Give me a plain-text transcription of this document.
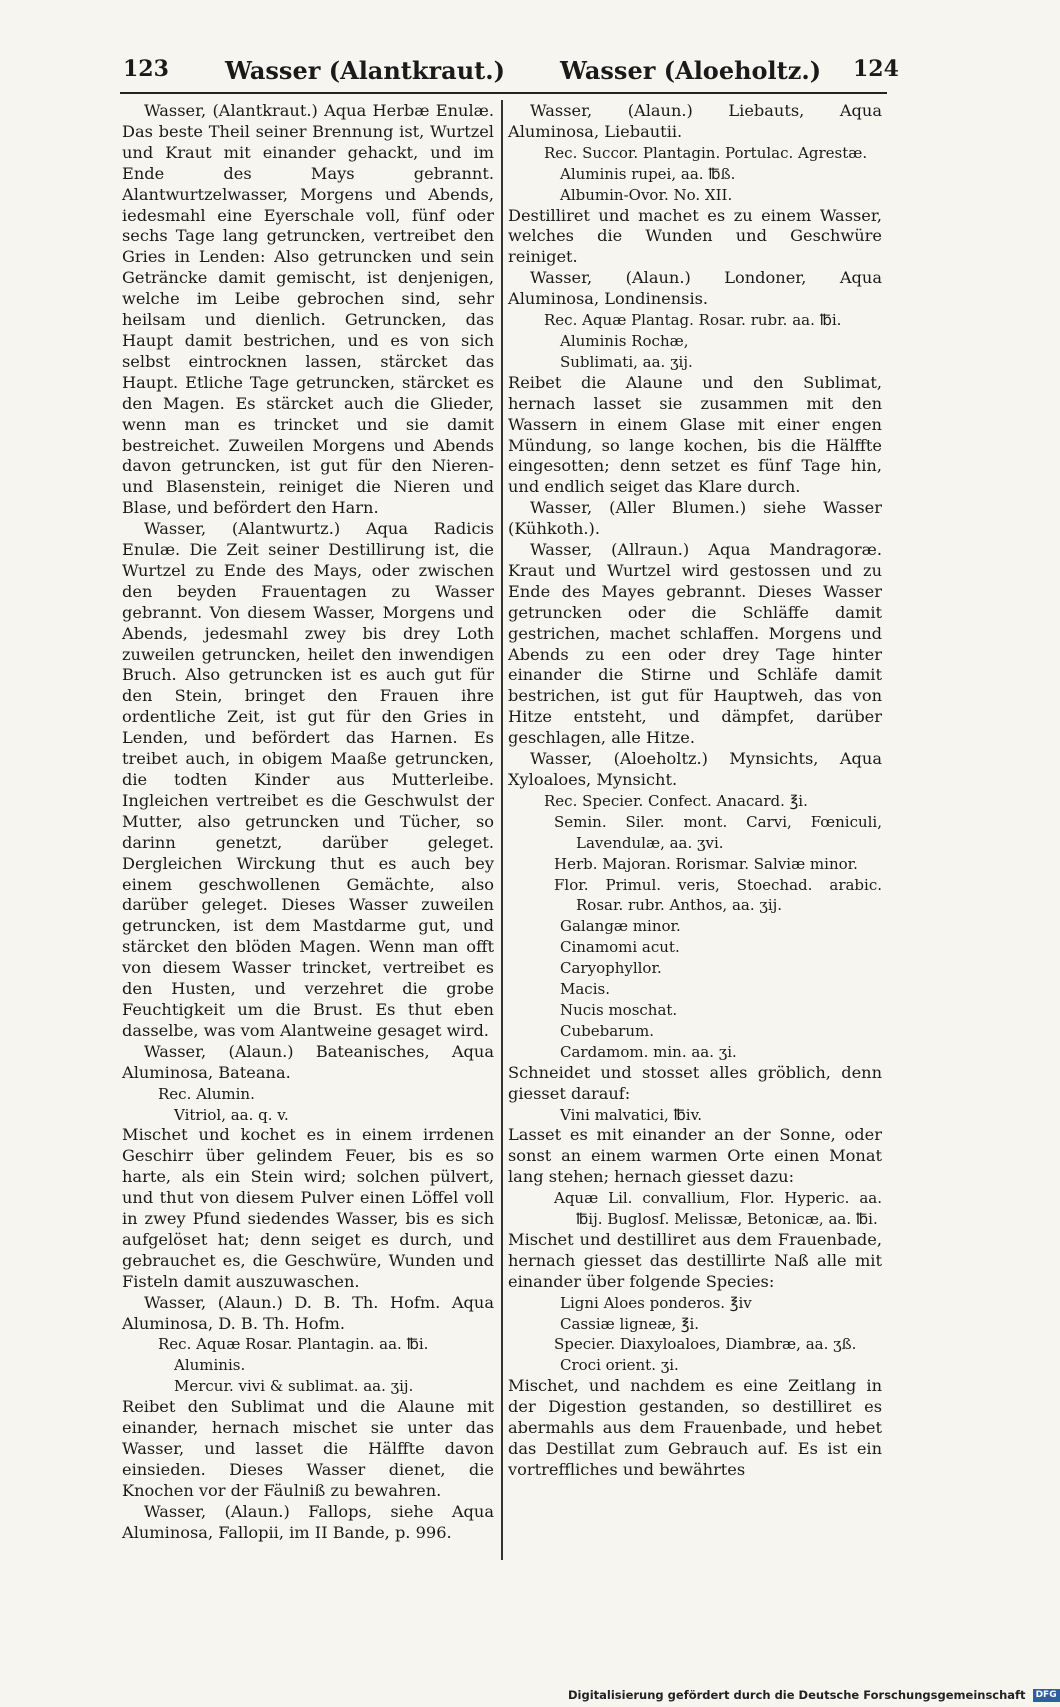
123 Wasser (Alantkraut.) Wasser (Aloeholtz.) 124

Wasser, (Alantkraut.) Aqua Herbæ Enulæ. Das beste Theil seiner Brennung ist, Wurtzel und Kraut mit einander gehackt, und im Ende des Mays gebrannt. Alantwurtzelwasser, Morgens und Abends, iedesmahl eine Eyerschale voll, fünf oder sechs Tage lang getruncken, vertreibet den Gries in Lenden: Also getruncken und sein Geträncke damit gemischt, ist denjenigen, welche im Leibe gebrochen sind, sehr heilsam und dienlich. Getruncken, das Haupt damit bestrichen, und es von sich selbst eintrocknen lassen, stärcket das Haupt. Etliche Tage getruncken, stärcket es den Magen. Es stärcket auch die Glieder, wenn man es trincket und sie damit bestreichet. Zuweilen Morgens und Abends davon getruncken, ist gut für den Nieren- und Blasenstein, reiniget die Nieren und Blase, und befördert den Harn.

Wasser, (Alantwurtz.) Aqua Radicis Enulæ. Die Zeit seiner Destillirung ist, die Wurtzel zu Ende des Mays, oder zwischen den beyden Frauentagen zu Wasser gebrannt. Von diesem Wasser, Morgens und Abends, jedesmahl zwey bis drey Loth zuweilen getruncken, heilet den inwendigen Bruch. Also getruncken ist es auch gut für den Stein, bringet den Frauen ihre ordentliche Zeit, ist gut für den Gries in Lenden, und befördert das Harnen. Es treibet auch, in obigem Maaße getruncken, die todten Kinder aus Mutterleibe. Ingleichen vertreibet es die Geschwulst der Mutter, also getruncken und Tücher, so darinn genetzt, darüber geleget. Dergleichen Wirckung thut es auch bey einem geschwollenen Gemächte, also darüber geleget. Dieses Wasser zuweilen getruncken, ist dem Mastdarme gut, und stärcket den blöden Magen. Wenn man offt von diesem Wasser trincket, vertreibet es den Husten, und verzehret die grobe Feuchtigkeit um die Brust. Es thut eben dasselbe, was vom Alantweine gesaget wird.

Wasser, (Alaun.) Bateanisches, Aqua Aluminosa, Bateana.

Rec. Alumin.

Vitriol, aa. q. v.

Mischet und kochet es in einem irrdenen Geschirr über gelindem Feuer, bis es so harte, als ein Stein wird; solchen pülvert, und thut von diesem Pulver einen Löffel voll in zwey Pfund siedendes Wasser, bis es sich aufgelöset hat; denn seiget es durch, und gebrauchet es, die Geschwüre, Wunden und Fisteln damit auszuwaschen.

Wasser, (Alaun.) D. B. Th. Hofm. Aqua Aluminosa, D. B. Th. Hofm.

Rec. Aquæ Rosar. Plantagin. aa. ℔i.

Aluminis.

Mercur. vivi & sublimat. aa. ʒij.

Reibet den Sublimat und die Alaune mit einander, hernach mischet sie unter das Wasser, und lasset die Hälffte davon einsieden. Dieses Wasser dienet, die Knochen vor der Fäulniß zu bewahren.

Wasser, (Alaun.) Fallops, siehe Aqua Aluminosa, Fallopii, im II Bande, p. 996.

Wasser, (Alaun.) Liebauts, Aqua Aluminosa, Liebautii.

Rec. Succor. Plantagin. Portulac. Agrestæ.

Aluminis rupei, aa. ℔ß.

Albumin-Ovor. No. XII.

Destilliret und machet es zu einem Wasser, welches die Wunden und Geschwüre reiniget.

Wasser, (Alaun.) Londoner, Aqua Aluminosa, Londinensis.

Rec. Aquæ Plantag. Rosar. rubr. aa. ℔i.

Aluminis Rochæ,

Sublimati, aa. ʒij.

Reibet die Alaune und den Sublimat, hernach lasset sie zusammen mit den Wassern in einem Glase mit einer engen Mündung, so lange kochen, bis die Hälffte eingesotten; denn setzet es fünf Tage hin, und endlich seiget das Klare durch.

Wasser, (Aller Blumen.) siehe Wasser (Kühkoth.).

Wasser, (Allraun.) Aqua Mandragoræ. Kraut und Wurtzel wird gestossen und zu Ende des Mayes gebrannt. Dieses Wasser getruncken oder die Schläffe damit gestrichen, machet schlaffen. Morgens und Abends zu een oder drey Tage hinter einander die Stirne und Schläfe damit bestrichen, ist gut für Hauptweh, das von Hitze entsteht, und dämpfet, darüber geschlagen, alle Hitze.

Wasser, (Aloeholtz.) Mynsichts, Aqua Xyloaloes, Mynsicht.

Rec. Specier. Confect. Anacard. ℥i.

Semin. Siler. mont. Carvi, Fœniculi, Lavendulæ, aa. ʒvi.

Herb. Majoran. Rorismar. Salviæ minor.

Flor. Primul. veris, Stoechad. arabic. Rosar. rubr. Anthos, aa. ʒij.

Galangæ minor.

Cinamomi acut.

Caryophyllor.

Macis.

Nucis moschat.

Cubebarum.

Cardamom. min. aa. ʒi.

Schneidet und stosset alles gröblich, denn giesset darauf:

Vini malvatici, ℔iv.

Lasset es mit einander an der Sonne, oder sonst an einem warmen Orte einen Monat lang stehen; hernach giesset dazu:

Aquæ Lil. convallium, Flor. Hyperic. aa. ℔ij. Buglosſ. Melissæ, Betonicæ, aa. ℔i.

Mischet und destilliret aus dem Frauenbade, hernach giesset das destillirte Naß alle mit einander über folgende Species:

Ligni Aloes ponderos. ℥iv

Cassiæ ligneæ, ℥i.

Specier. Diaxyloaloes, Diambræ, aa. ʒß.

Croci orient. ʒi.

Mischet, und nachdem es eine Zeitlang in der Digestion gestanden, so destilliret es abermahls aus dem Frauenbade, und hebet das Destillat zum Gebrauch auf. Es ist ein vortreffliches und bewährtes

Digitalisierung gefördert durch die Deutsche Forschungsgemeinschaft DFG
